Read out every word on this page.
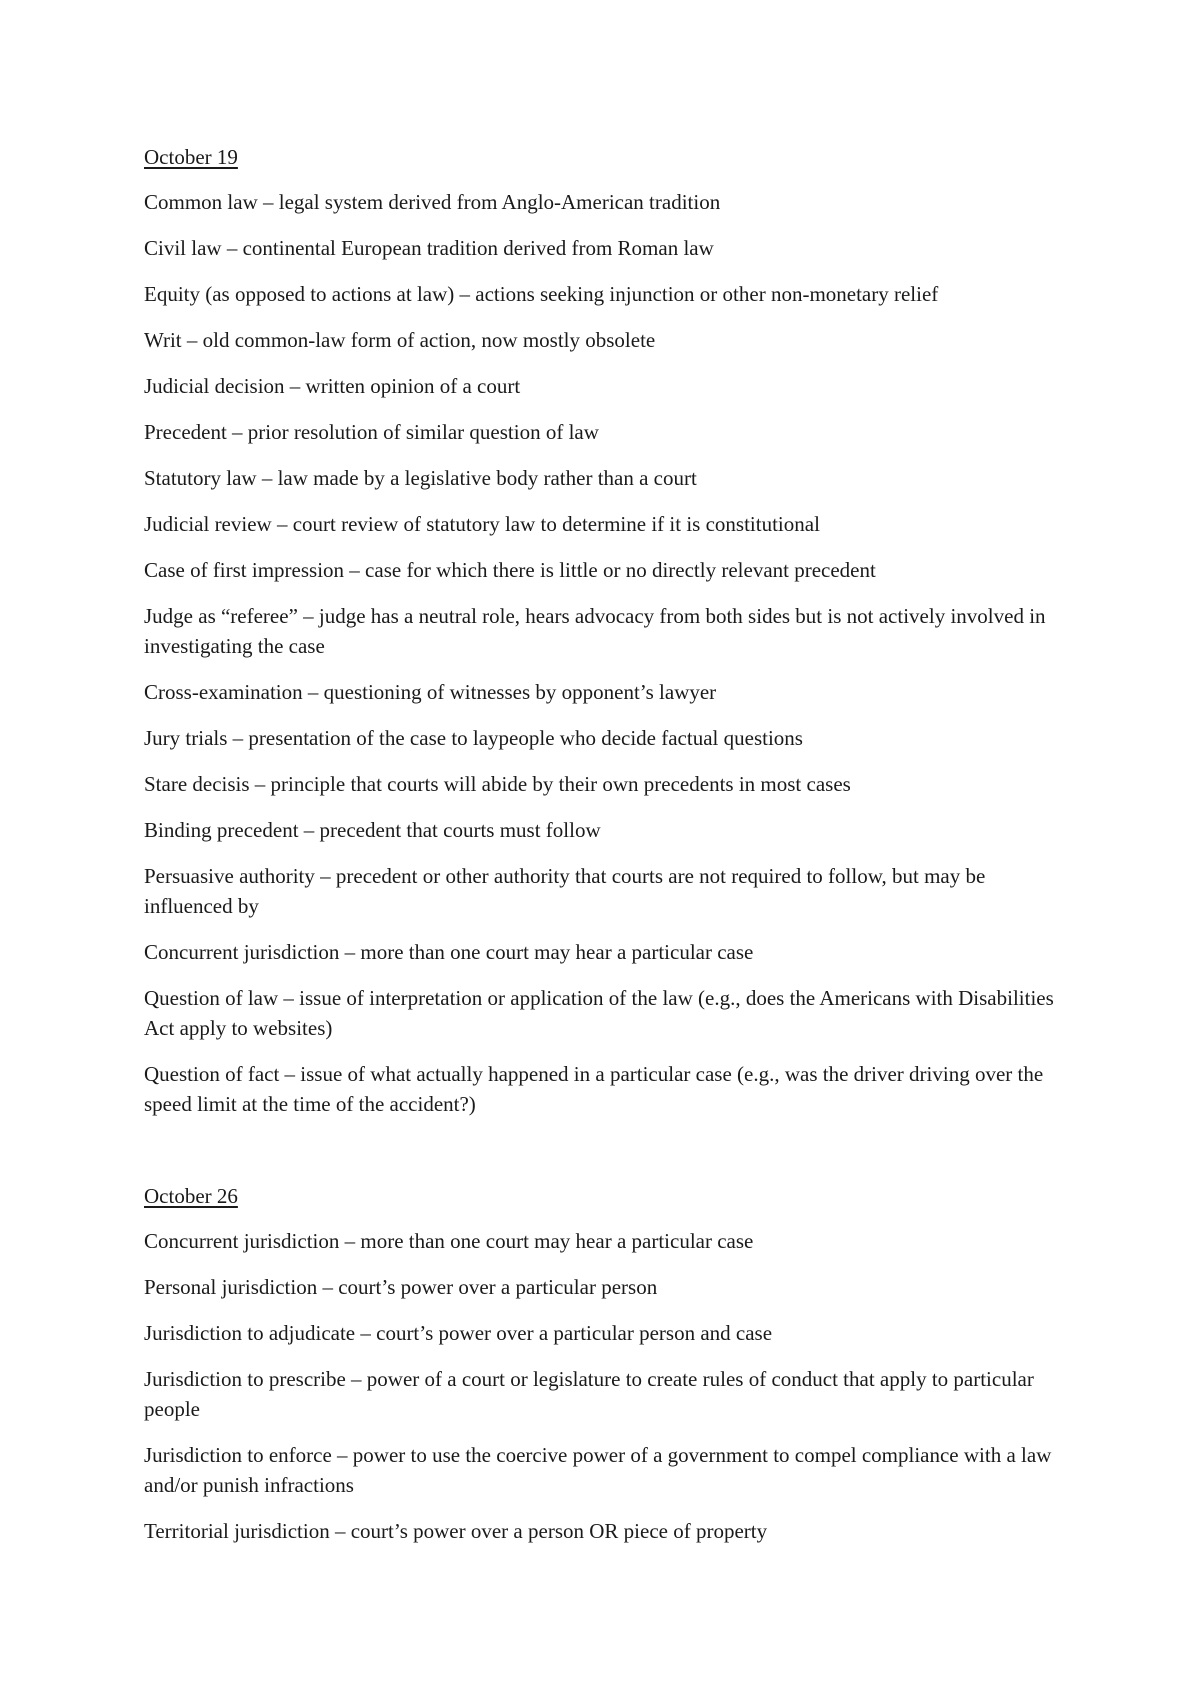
October 19

Common law – legal system derived from Anglo-American tradition

Civil law – continental European tradition derived from Roman law

Equity (as opposed to actions at law) – actions seeking injunction or other non-monetary relief

Writ – old common-law form of action, now mostly obsolete

Judicial decision – written opinion of a court

Precedent – prior resolution of similar question of law

Statutory law – law made by a legislative body rather than a court

Judicial review – court review of statutory law to determine if it is constitutional

Case of first impression – case for which there is little or no directly relevant precedent

Judge as “referee” – judge has a neutral role, hears advocacy from both sides but is not actively involved in investigating the case

Cross-examination – questioning of witnesses by opponent’s lawyer

Jury trials – presentation of the case to laypeople who decide factual questions

Stare decisis – principle that courts will abide by their own precedents in most cases

Binding precedent – precedent that courts must follow

Persuasive authority – precedent or other authority that courts are not required to follow, but may be influenced by

Concurrent jurisdiction – more than one court may hear a particular case

Question of law – issue of interpretation or application of the law (e.g., does the Americans with Disabilities Act apply to websites)

Question of fact – issue of what actually happened in a particular case (e.g., was the driver driving over the speed limit at the time of the accident?)

October 26

Concurrent jurisdiction – more than one court may hear a particular case

Personal jurisdiction – court’s power over a particular person

Jurisdiction to adjudicate – court’s power over a particular person and case

Jurisdiction to prescribe – power of a court or legislature to create rules of conduct that apply to particular people

Jurisdiction to enforce – power to use the coercive power of a government to compel compliance with a law and/or punish infractions

Territorial jurisdiction – court’s power over a person OR piece of property
